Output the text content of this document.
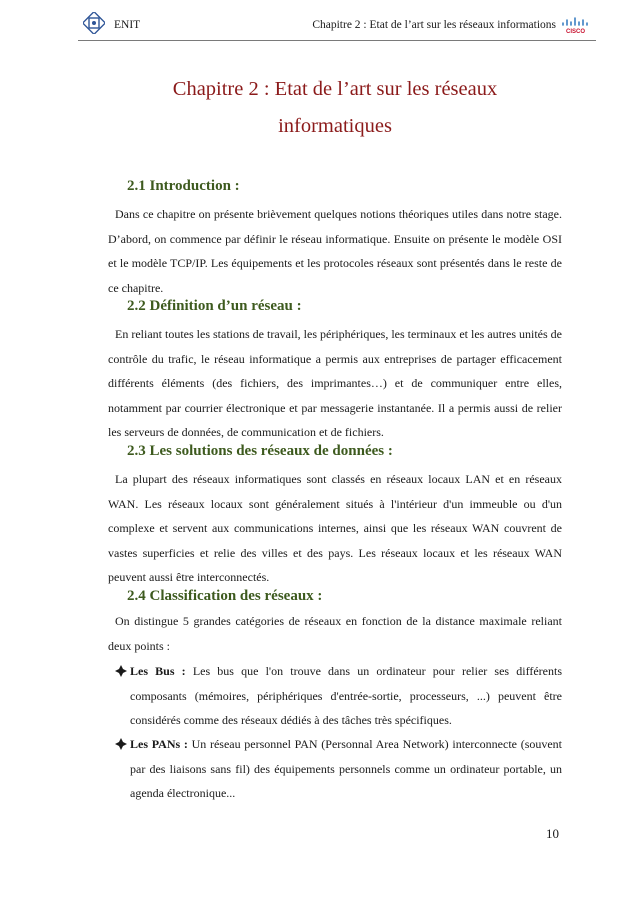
ENIT	Chapitre 2 : Etat de l’art sur les réseaux informations
CISCO
Chapitre 2 : Etat de l’art sur les réseaux
informatiques
2.1 Introduction :

Dans ce chapitre on présente brièvement quelques notions théoriques utiles dans notre stage. D’abord, on commence par définir le réseau informatique. Ensuite on présente le modèle OSI et le modèle TCP/IP. Les équipements et les protocoles réseaux sont présentés dans le reste de ce chapitre.

2.2 Définition d’un réseau :

En reliant toutes les stations de travail, les périphériques, les terminaux et les autres unités de contrôle du trafic, le réseau informatique a permis aux entreprises de partager efficacement différents éléments (des fichiers, des imprimantes…) et de communiquer entre elles, notamment par courrier électronique et par messagerie instantanée. Il a permis aussi de relier les serveurs de données, de communication et de fichiers.

2.3 Les solutions des réseaux de données :

La plupart des réseaux informatiques sont classés en réseaux locaux LAN et en réseaux WAN. Les réseaux locaux sont généralement situés à l'intérieur d'un immeuble ou d'un complexe et servent aux communications internes, ainsi que les réseaux WAN couvrent de vastes superficies et relie des villes et des pays. Les réseaux locaux et les réseaux WAN peuvent aussi être interconnectés.

2.4 Classification des réseaux :

On distingue 5 grandes catégories de réseaux en fonction de la distance maximale reliant deux points :

Les Bus : Les bus que l'on trouve dans un ordinateur pour relier ses différents composants (mémoires, périphériques d'entrée-sortie, processeurs, ...) peuvent être considérés comme des réseaux dédiés à des tâches très spécifiques.
Les PANs : Un réseau personnel PAN (Personnal Area Network) interconnecte (souvent par des liaisons sans fil) des équipements personnels comme un ordinateur portable, un agenda électronique...
10
